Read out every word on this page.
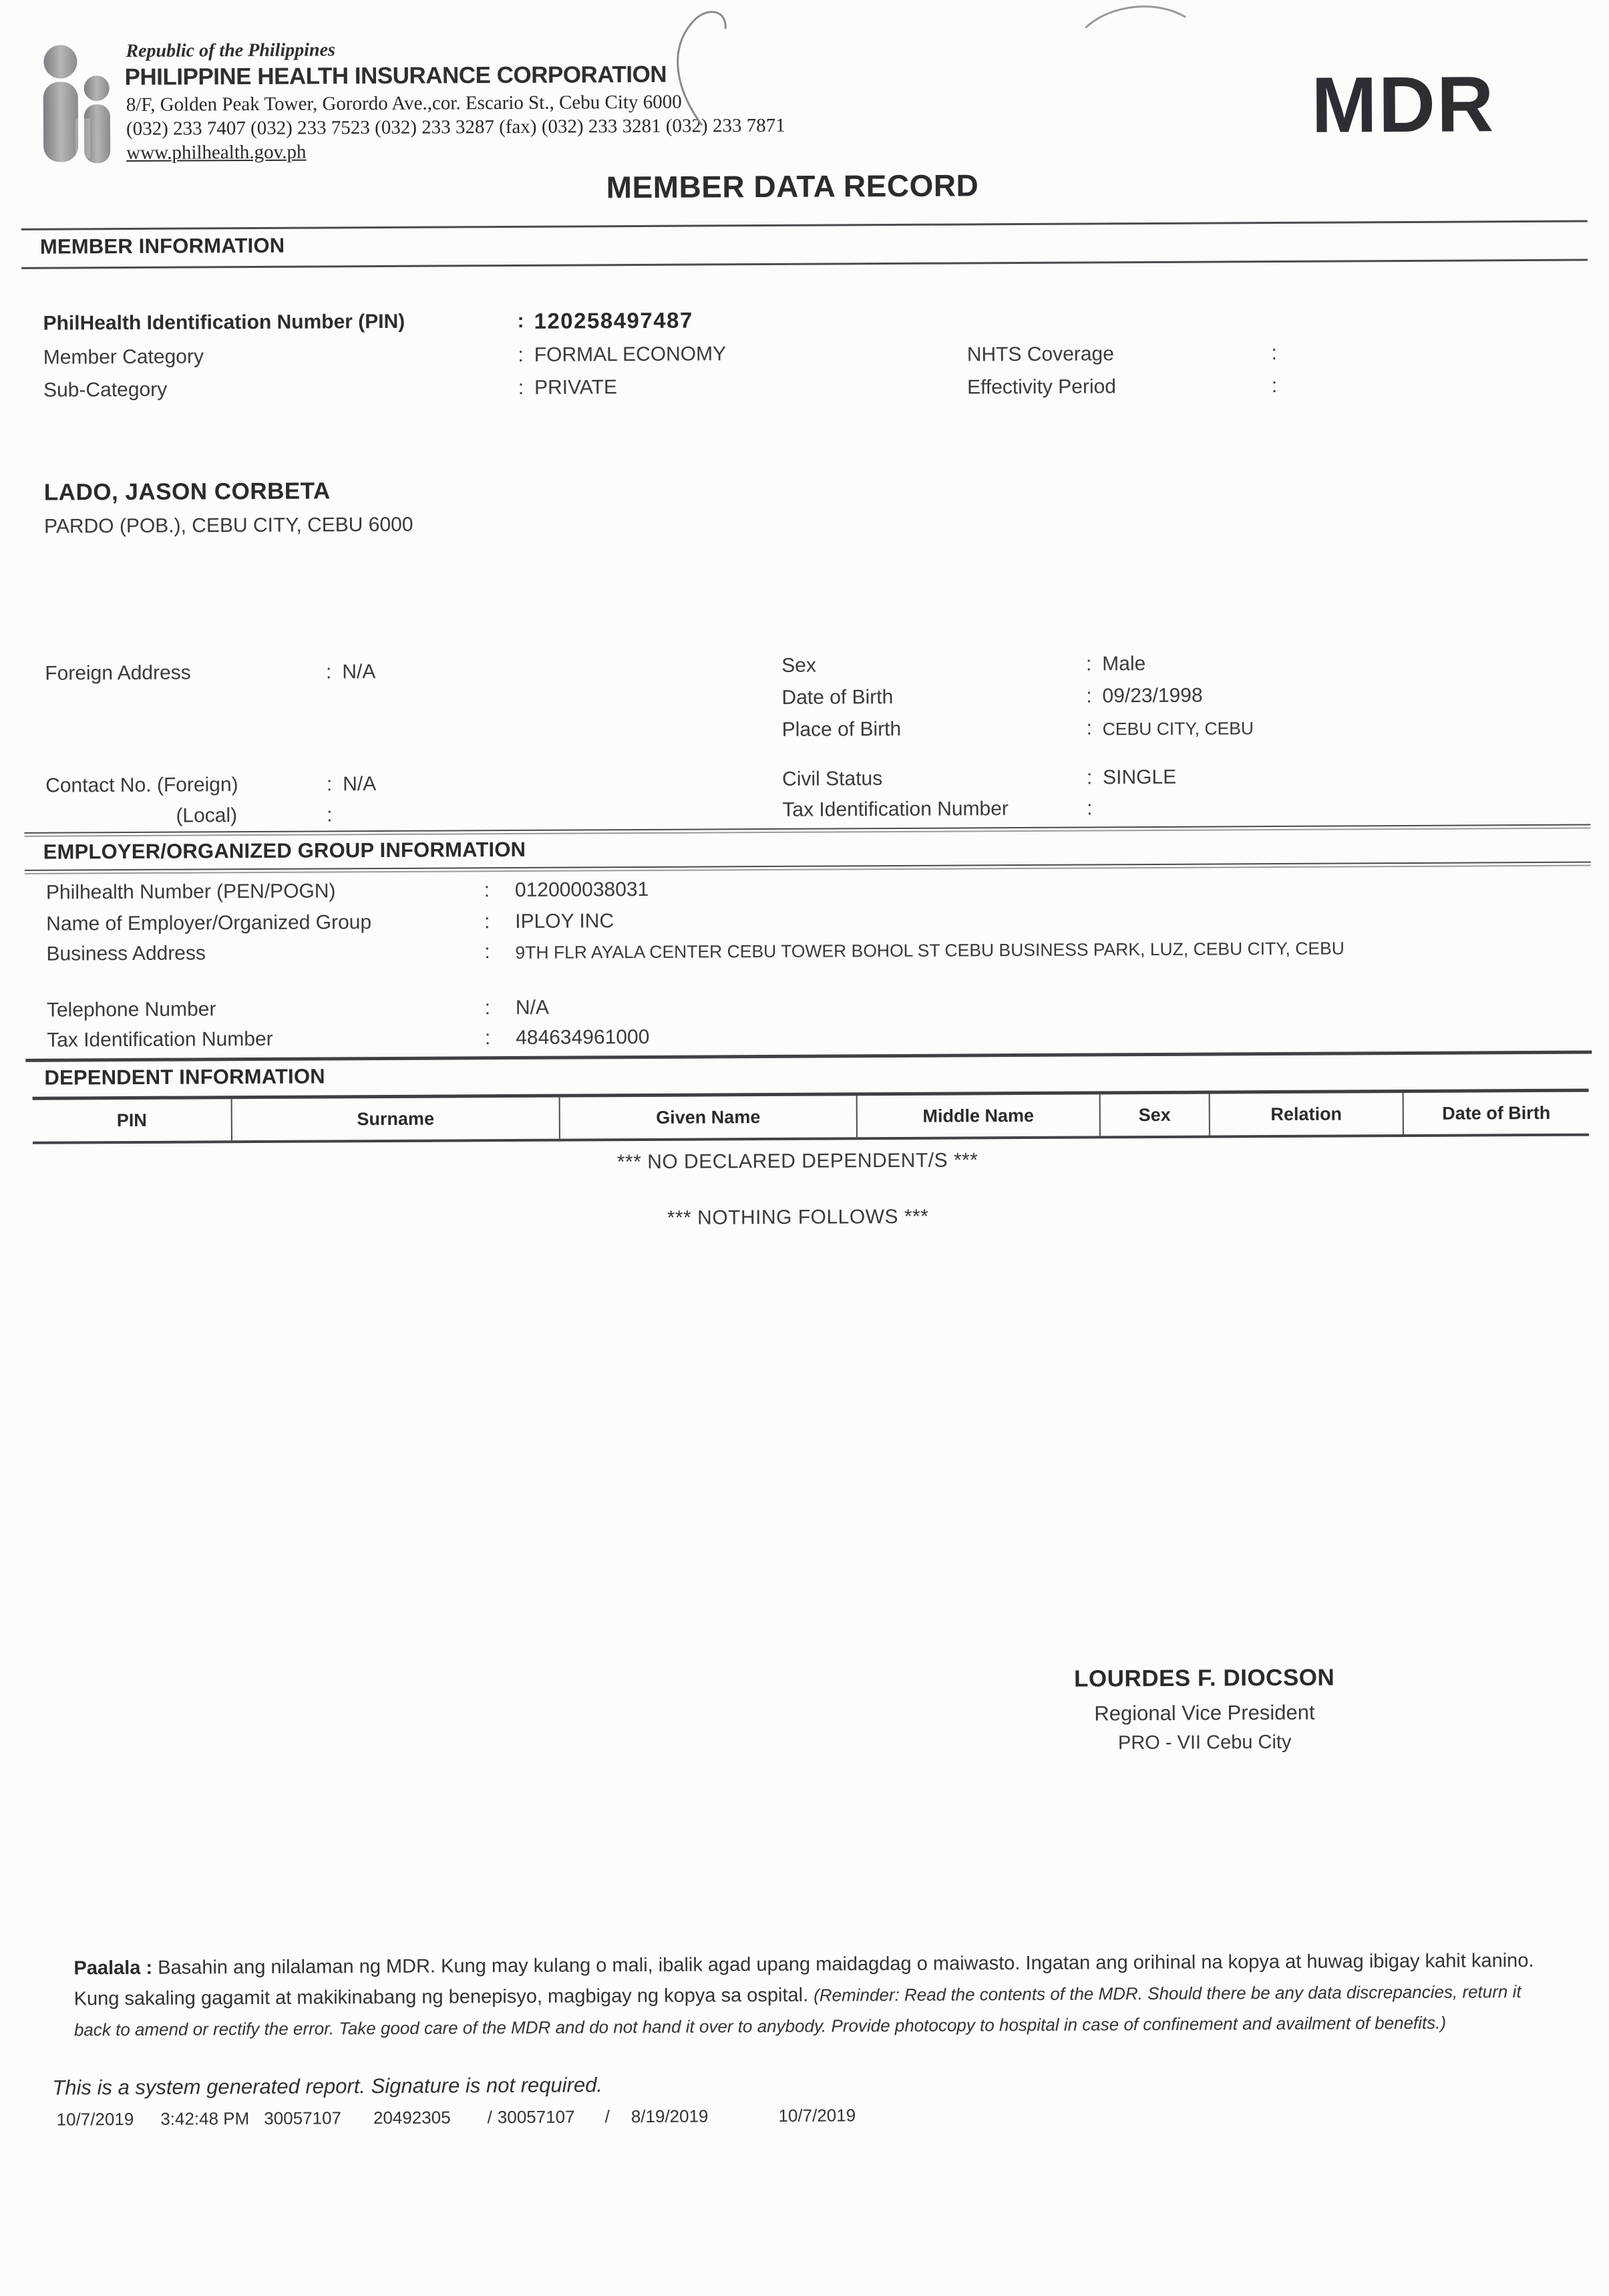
Republic of the Philippines
PHILIPPINE HEALTH INSURANCE CORPORATION
8/F, Golden Peak Tower, Gorordo Ave.,cor. Escario St., Cebu City 6000
(032) 233 7407 (032) 233 7523 (032) 233 3287 (fax) (032) 233 3281 (032) 233 7871
www.philhealth.gov.ph
MDR
MEMBER DATA RECORD
MEMBER INFORMATION
PhilHealth Identification Number (PIN)	: 120258497487
Member Category	: FORMAL ECONOMY
Sub-Category	: PRIVATE
NHTS Coverage	:
Effectivity Period	:
LADO, JASON CORBETA
PARDO (POB.), CEBU CITY, CEBU 6000
Foreign Address	: N/A	Sex	: Male
Date of Birth	: 09/23/1998
Place of Birth	: CEBU CITY, CEBU
Contact No. (Foreign)	: N/A
(Local)	:
Civil Status	: SINGLE
Tax Identification Number	:
EMPLOYER/ORGANIZED GROUP INFORMATION
Philhealth Number (PEN/POGN)	:	012000038031
Name of Employer/Organized Group	:	IPLOY INC
Business Address	:	9TH FLR AYALA CENTER CEBU TOWER BOHOL ST CEBU BUSINESS PARK, LUZ, CEBU CITY, CEBU
Telephone Number	:	N/A
Tax Identification Number	:	484634961000
DEPENDENT INFORMATION
PIN	Surname	Given Name	Middle Name	Sex	Relation	Date of Birth
*** NO DECLARED DEPENDENT/S ***
*** NOTHING FOLLOWS ***
LOURDES F. DIOCSON
Regional Vice President
PRO - VII Cebu City
Paalala : Basahin ang nilalaman ng MDR. Kung may kulang o mali, ibalik agad upang maidagdag o maiwasto. Ingatan ang orihinal na kopya at huwag ibigay kahit kanino. Kung sakaling gagamit at makikinabang ng benepisyo, magbigay ng kopya sa ospital. (Reminder: Read the contents of the MDR. Should there be any data discrepancies, return it back to amend or rectify the error. Take good care of the MDR and do not hand it over to anybody. Provide photocopy to hospital in case of confinement and availment of benefits.)
This is a system generated report. Signature is not required.
10/7/2019 3:42:48 PM 30057107 20492305 / 30057107 / 8/19/2019	10/7/2019
